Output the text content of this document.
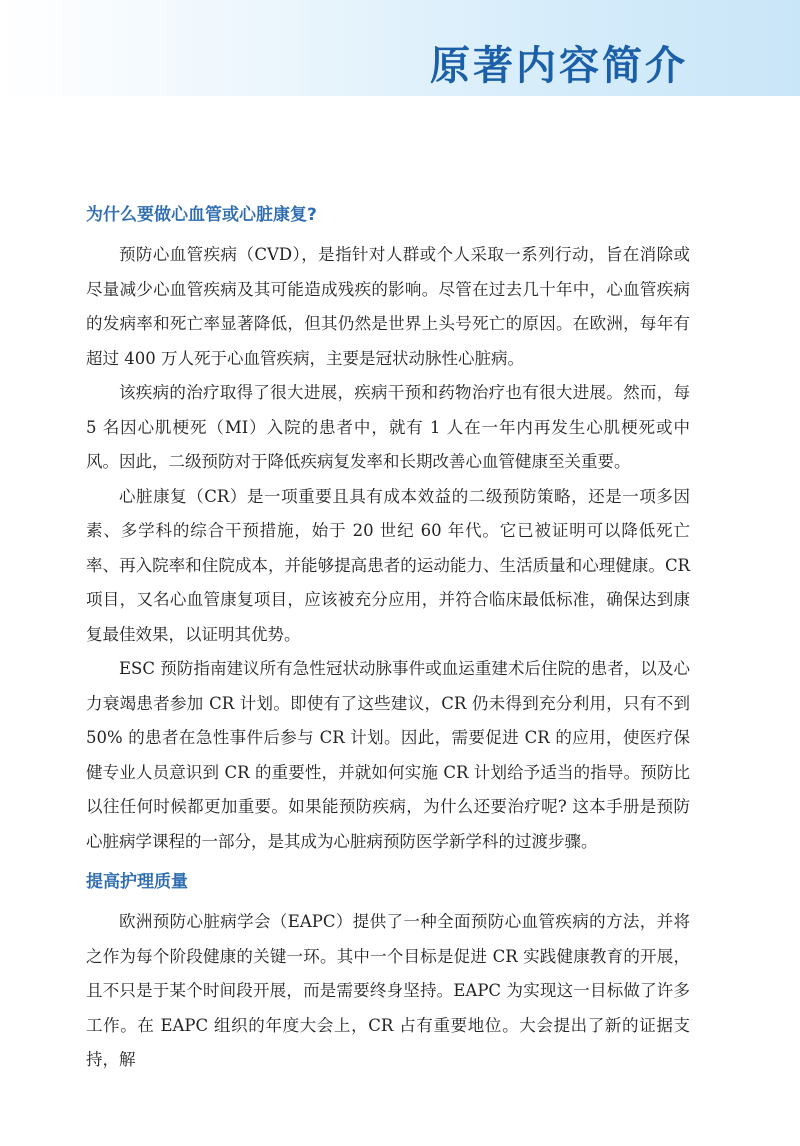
原著内容简介
为什么要做心血管或心脏康复?

预防心血管疾病（CVD），是指针对人群或个人采取一系列行动，旨在消除或尽量减少心血管疾病及其可能造成残疾的影响。尽管在过去几十年中，心血管疾病的发病率和死亡率显著降低，但其仍然是世界上头号死亡的原因。在欧洲，每年有超过 400 万人死于心血管疾病，主要是冠状动脉性心脏病。

该疾病的治疗取得了很大进展，疾病干预和药物治疗也有很大进展。然而，每 5 名因心肌梗死（MI）入院的患者中，就有 1 人在一年内再发生心肌梗死或中风。因此，二级预防对于降低疾病复发率和长期改善心血管健康至关重要。

心脏康复（CR）是一项重要且具有成本效益的二级预防策略，还是一项多因素、多学科的综合干预措施，始于 20 世纪 60 年代。它已被证明可以降低死亡率、再入院率和住院成本，并能够提高患者的运动能力、生活质量和心理健康。CR 项目，又名心血管康复项目，应该被充分应用，并符合临床最低标准，确保达到康复最佳效果，以证明其优势。

ESC 预防指南建议所有急性冠状动脉事件或血运重建术后住院的患者，以及心力衰竭患者参加 CR 计划。即使有了这些建议，CR 仍未得到充分利用，只有不到 50% 的患者在急性事件后参与 CR 计划。因此，需要促进 CR 的应用，使医疗保健专业人员意识到 CR 的重要性，并就如何实施 CR 计划给予适当的指导。预防比以往任何时候都更加重要。如果能预防疾病，为什么还要治疗呢? 这本手册是预防心脏病学课程的一部分，是其成为心脏病预防医学新学科的过渡步骤。

提高护理质量

欧洲预防心脏病学会（EAPC）提供了一种全面预防心血管疾病的方法，并将之作为每个阶段健康的关键一环。其中一个目标是促进 CR 实践健康教育的开展，且不只是于某个时间段开展，而是需要终身坚持。EAPC 为实现这一目标做了许多工作。在 EAPC 组织的年度大会上，CR 占有重要地位。大会提出了新的证据支持，解
